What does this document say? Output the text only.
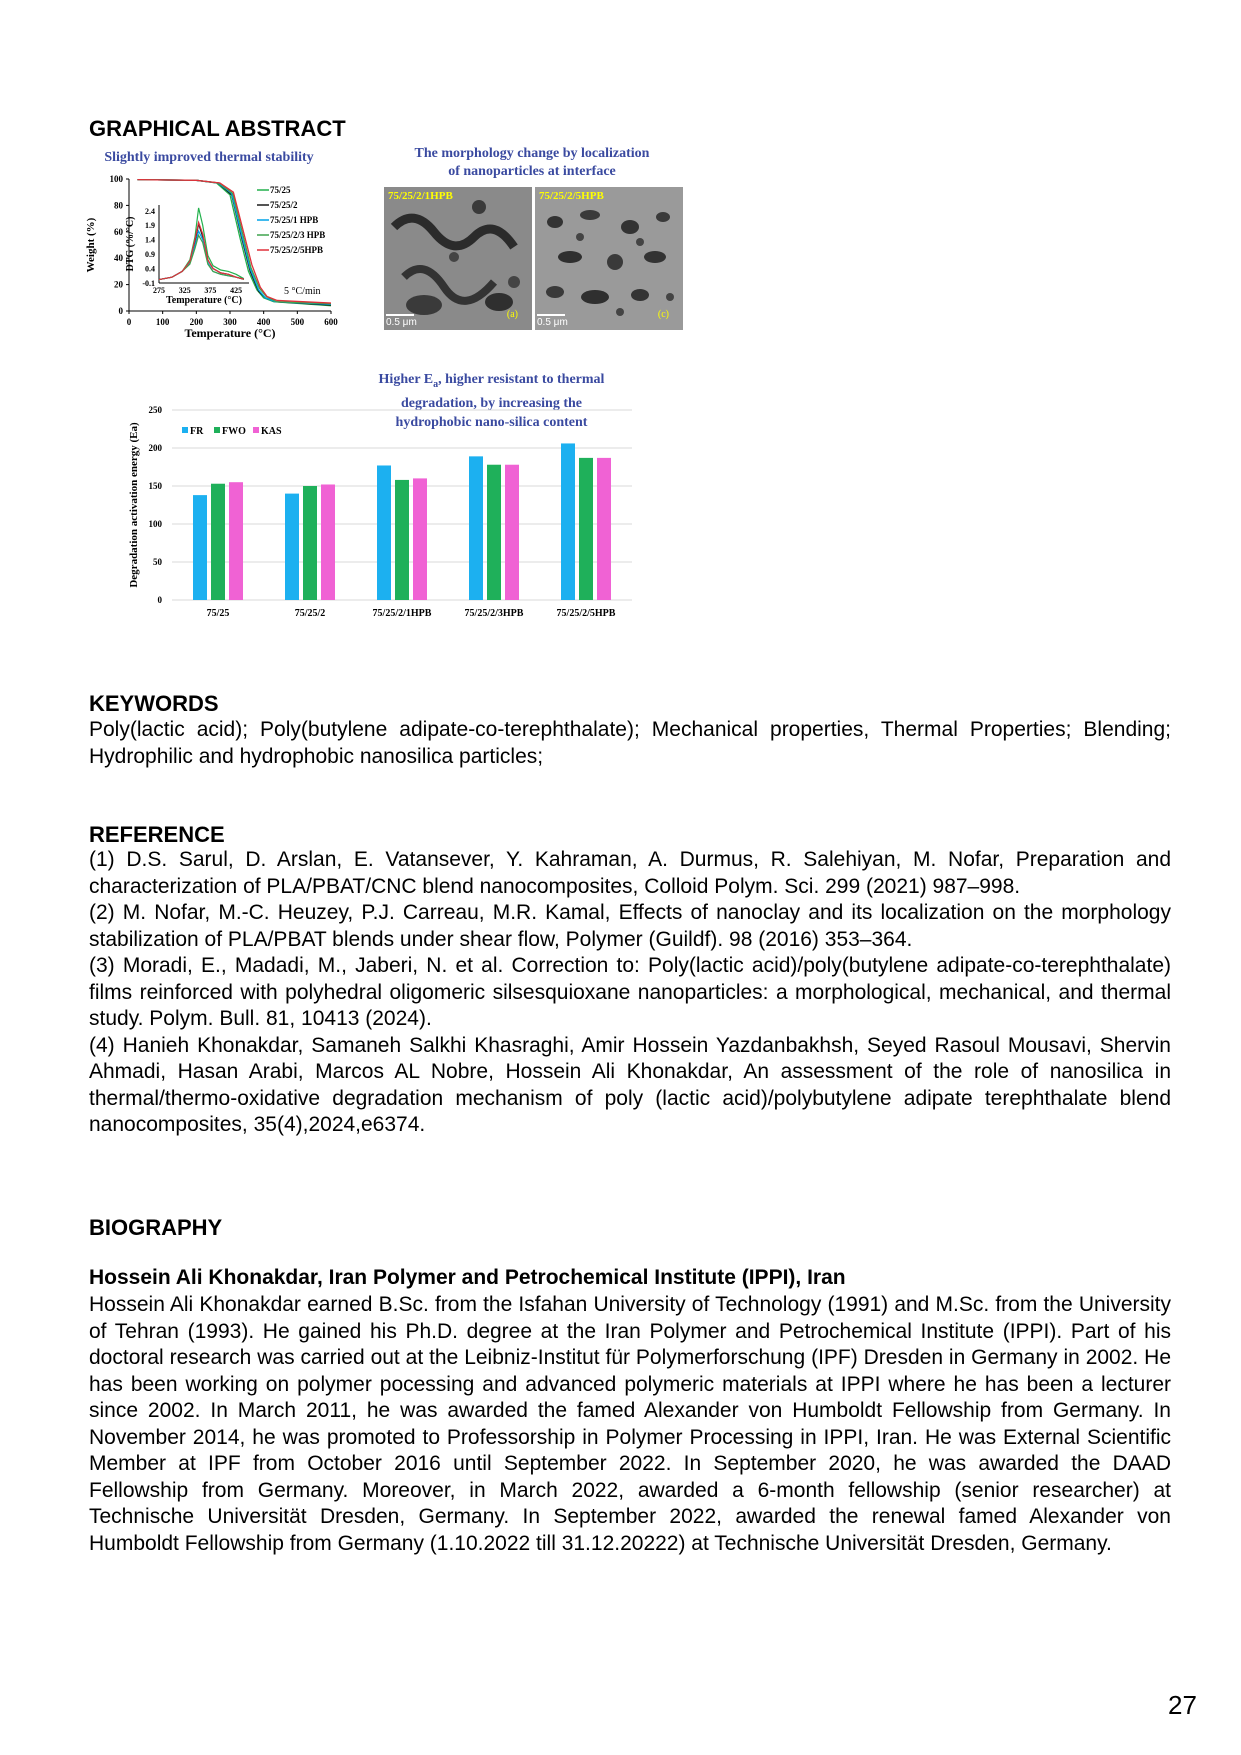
GRAPHICAL ABSTRACT
Slightly improved thermal stability
0	100 200 300 400 500 600
0
20
40
60
80
100
Temperature (°C)
Weight (%)
75/25
75/25/2
75/25/1 HPB
75/25/2/3 HPB
75/25/2/5HPB
5 °C/min
275 325 375 425
-0.1
0.4
0.9
1.4
1.9
2.4
Temperature (°C)
DTG (%/°C)
The morphology change by localization
of nanoparticles at interface
75/25/2/1HPB
(a)
0.5 μm
75/25/2/5HPB
(c)
0.5 μm
Higher $E_a$, higher resistant to thermal
degradation, by increasing the
hydrophobic nano-silica content
0
50
100
150
200
250
Degradation activation energy (Ea)
75/25	75/25/2	75/25/2/1HPB	75/25/2/3HPB	75/25/2/5HPB
FR FWO KAS
KEYWORDS

Poly(lactic acid); Poly(butylene adipate-co-terephthalate); Mechanical properties, Thermal Properties; Blending; Hydrophilic and hydrophobic nanosilica particles;

REFERENCE
(1) D.S. Sarul, D. Arslan, E. Vatansever, Y. Kahraman, A. Durmus, R. Salehiyan, M. Nofar, Preparation and characterization of PLA/PBAT/CNC blend nanocomposites, Colloid Polym. Sci. 299 (2021) 987–998.
(2) M. Nofar, M.-C. Heuzey, P.J. Carreau, M.R. Kamal, Effects of nanoclay and its localization on the morphology stabilization of PLA/PBAT blends under shear flow, Polymer (Guildf). 98 (2016) 353–364.
(3) Moradi, E., Madadi, M., Jaberi, N. et al. Correction to: Poly(lactic acid)/poly(butylene adipate-co-terephthalate) films reinforced with polyhedral oligomeric silsesquioxane nanoparticles: a morphological, mechanical, and thermal study. Polym. Bull. 81, 10413 (2024).
(4) Hanieh Khonakdar, Samaneh Salkhi Khasraghi, Amir Hossein Yazdanbakhsh, Seyed Rasoul Mousavi, Shervin Ahmadi, Hasan Arabi, Marcos AL Nobre, Hossein Ali Khonakdar, An assessment of the role of nanosilica in thermal/thermo-oxidative degradation mechanism of poly (lactic acid)/polybutylene adipate terephthalate blend nanocomposites, 35(4),2024,e6374.
BIOGRAPHY
Hossein Ali Khonakdar, Iran Polymer and Petrochemical Institute (IPPI), Iran

Hossein Ali Khonakdar earned B.Sc. from the Isfahan University of Technology (1991) and M.Sc. from the University of Tehran (1993). He gained his Ph.D. degree at the Iran Polymer and Petrochemical Institute (IPPI). Part of his doctoral research was carried out at the Leibniz-Institut für Polymerforschung (IPF) Dresden in Germany in 2002. He has been working on polymer pocessing and advanced polymeric materials at IPPI where he has been a lecturer since 2002. In March 2011, he was awarded the famed Alexander von Humboldt Fellowship from Germany. In November 2014, he was promoted to Professorship in Polymer Processing in IPPI, Iran. He was External Scientific Member at IPF from October 2016 until September 2022. In September 2020, he was awarded the DAAD Fellowship from Germany. Moreover, in March 2022, awarded a 6-month fellowship (senior researcher) at Technische Universität Dresden, Germany. In September 2022, awarded the renewal famed Alexander von Humboldt Fellowship from Germany (1.10.2022 till 31.12.20222) at Technische Universität Dresden, Germany.

27
